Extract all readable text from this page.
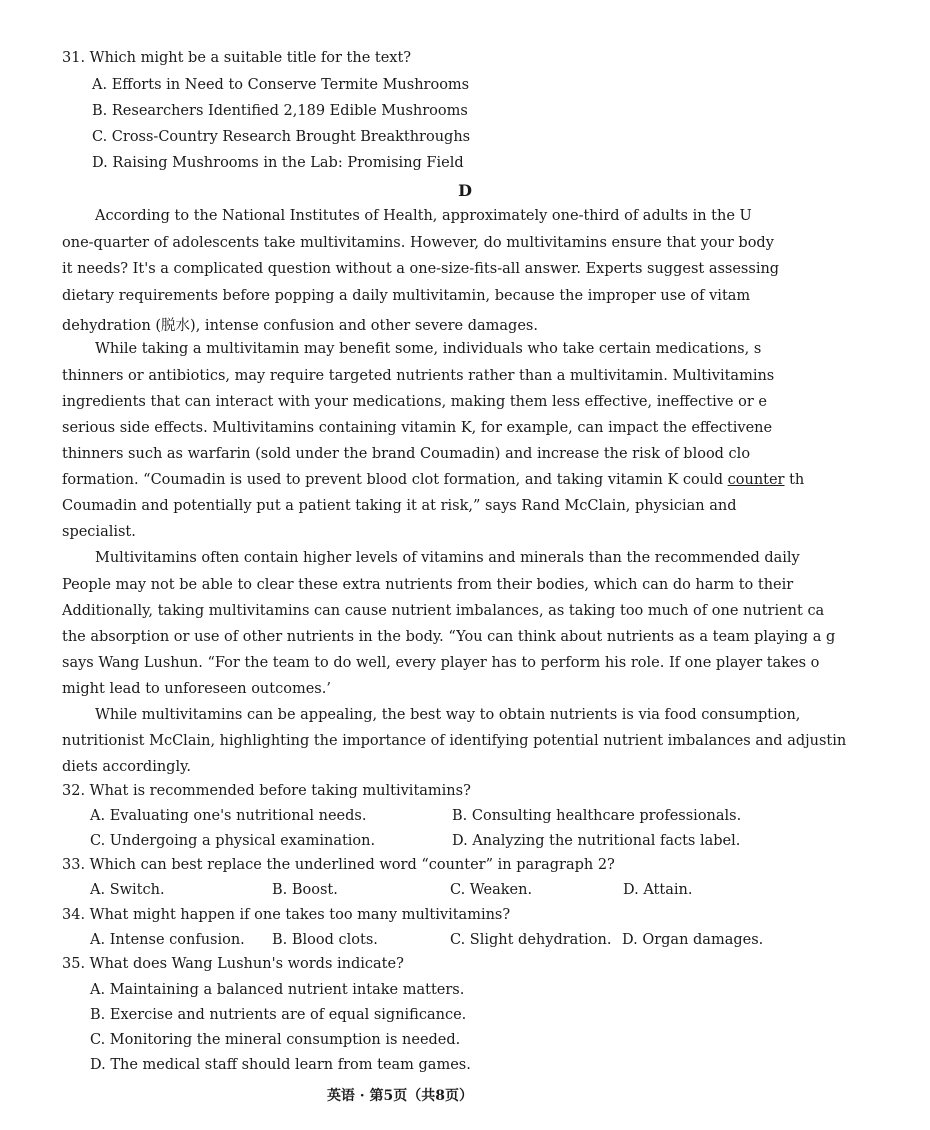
31. Which might be a suitable title for the text?
A. Efforts in Need to Conserve Termite Mushrooms
B. Researchers Identified 2,189 Edible Mushrooms
C. Cross-Country Research Brought Breakthroughs
D. Raising Mushrooms in the Lab: Promising Field
D
According to the National Institutes of Health, approximately one-third of adults in the U
one-quarter of adolescents take multivitamins. However, do multivitamins ensure that your body
it needs? It's a complicated question without a one-size-fits-all answer. Experts suggest assessing
dietary requirements before popping a daily multivitamin, because the improper use of vitam
dehydration (脱水), intense confusion and other severe damages.
While taking a multivitamin may benefit some, individuals who take certain medications, s
thinners or antibiotics, may require targeted nutrients rather than a multivitamin. Multivitamins
ingredients that can interact with your medications, making them less effective, ineffective or e
serious side effects. Multivitamins containing vitamin K, for example, can impact the effectivene
thinners such as warfarin (sold under the brand Coumadin) and increase the risk of blood clo
formation. “Coumadin is used to prevent blood clot formation, and taking vitamin K could counter th
Coumadin and potentially put a patient taking it at risk,” says Rand McClain, physician and
specialist.
Multivitamins often contain higher levels of vitamins and minerals than the recommended daily
People may not be able to clear these extra nutrients from their bodies, which can do harm to their
Additionally, taking multivitamins can cause nutrient imbalances, as taking too much of one nutrient ca
the absorption or use of other nutrients in the body. “You can think about nutrients as a team playing a g
says Wang Lushun. “For the team to do well, every player has to perform his role. If one player takes o
might lead to unforeseen outcomes.’
While multivitamins can be appealing, the best way to obtain nutrients is via food consumption,
nutritionist McClain, highlighting the importance of identifying potential nutrient imbalances and adjustin
diets accordingly.
32. What is recommended before taking multivitamins?
A. Evaluating one's nutritional needs.	B. Consulting healthcare professionals.
C. Undergoing a physical examination.	D. Analyzing the nutritional facts label.
33. Which can best replace the underlined word “counter” in paragraph 2?
A. Switch.	B. Boost.	C. Weaken.	D. Attain.
34. What might happen if one takes too many multivitamins?
A. Intense confusion. B. Blood clots.	C. Slight dehydration. D. Organ damages.
35. What does Wang Lushun's words indicate?
A. Maintaining a balanced nutrient intake matters.
B. Exercise and nutrients are of equal significance.
C. Monitoring the mineral consumption is needed.
D. The medical staff should learn from team games.
英语 · 第5页（共8页）
